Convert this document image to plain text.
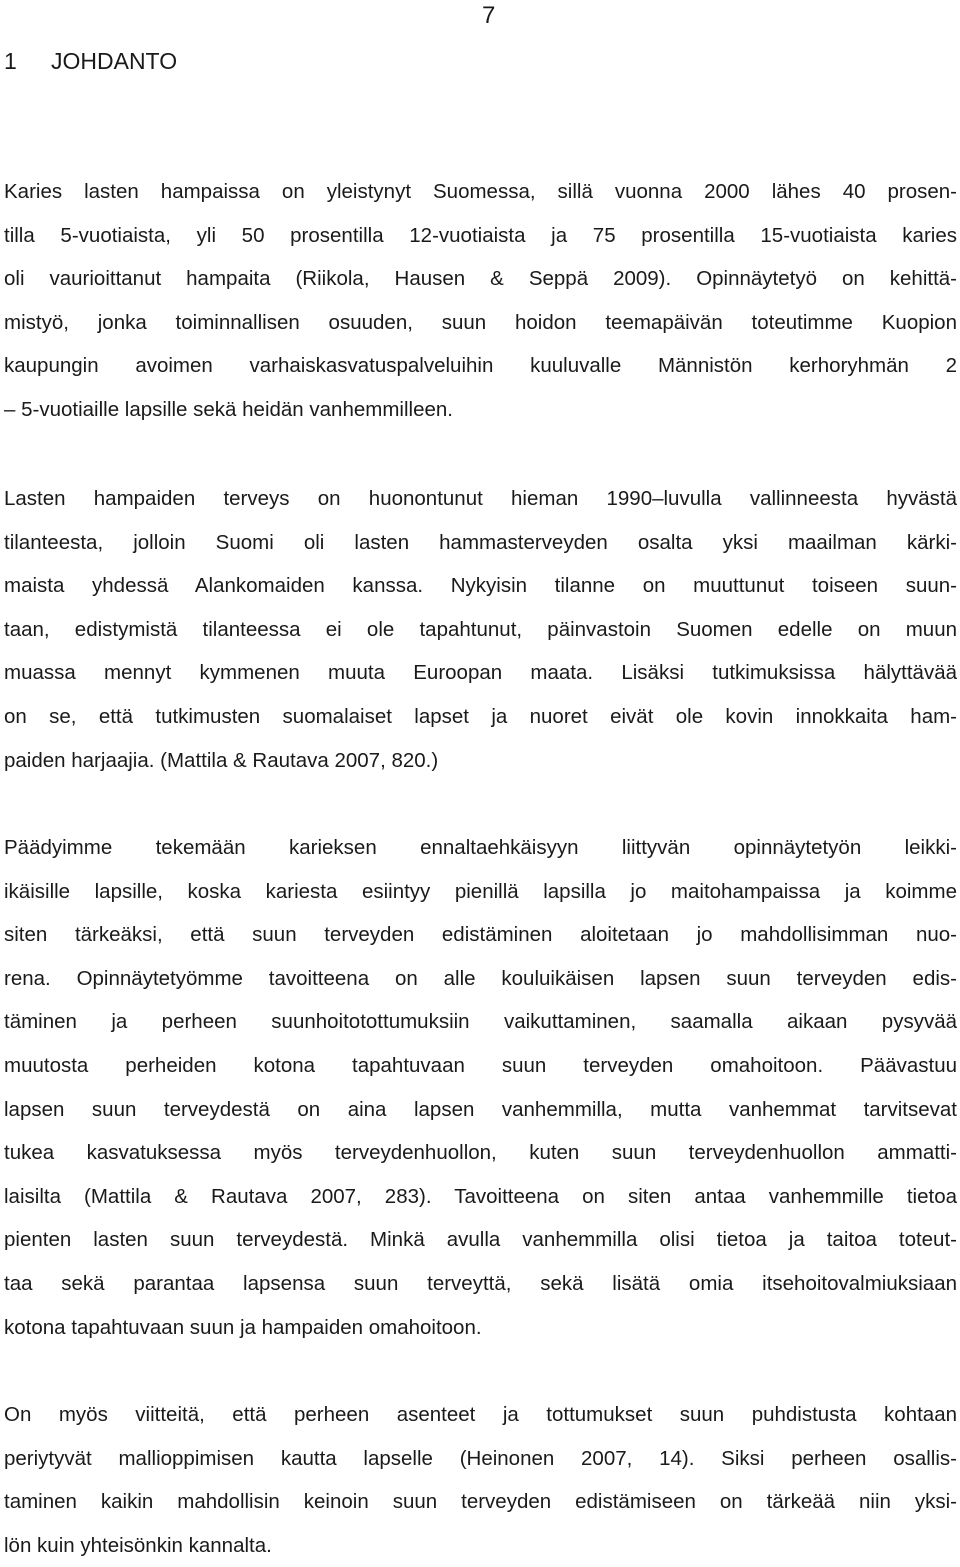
7
1 JOHDANTO
Karies lasten hampaissa on yleistynyt Suomessa, sillä vuonna 2000 lähes 40 prosen-
tilla 5-vuotiaista, yli 50 prosentilla 12-vuotiaista ja 75 prosentilla 15-vuotiaista karies
oli vaurioittanut hampaita (Riikola, Hausen & Seppä 2009). Opinnäytetyö on kehittä-
mistyö, jonka toiminnallisen osuuden, suun hoidon teemapäivän toteutimme Kuopion
kaupungin avoimen varhaiskasvatuspalveluihin kuuluvalle Männistön kerhoryhmän 2
– 5-vuotiaille lapsille sekä heidän vanhemmilleen.
Lasten hampaiden terveys on huonontunut hieman 1990–luvulla vallinneesta hyvästä
tilanteesta, jolloin Suomi oli lasten hammasterveyden osalta yksi maailman kärki-
maista yhdessä Alankomaiden kanssa. Nykyisin tilanne on muuttunut toiseen suun-
taan, edistymistä tilanteessa ei ole tapahtunut, päinvastoin Suomen edelle on muun
muassa mennyt kymmenen muuta Euroopan maata. Lisäksi tutkimuksissa hälyttävää
on se, että tutkimusten suomalaiset lapset ja nuoret eivät ole kovin innokkaita ham-
paiden harjaajia. (Mattila & Rautava 2007, 820.)
Päädyimme tekemään karieksen ennaltaehkäisyyn liittyvän opinnäytetyön leikki-
ikäisille lapsille, koska kariesta esiintyy pienillä lapsilla jo maitohampaissa ja koimme
siten tärkeäksi, että suun terveyden edistäminen aloitetaan jo mahdollisimman nuo-
rena. Opinnäytetyömme tavoitteena on alle kouluikäisen lapsen suun terveyden edis-
täminen ja perheen suunhoitotottumuksiin vaikuttaminen, saamalla aikaan pysyvää
muutosta perheiden kotona tapahtuvaan suun terveyden omahoitoon. Päävastuu
lapsen suun terveydestä on aina lapsen vanhemmilla, mutta vanhemmat tarvitsevat
tukea kasvatuksessa myös terveydenhuollon, kuten suun terveydenhuollon ammatti-
laisilta (Mattila & Rautava 2007, 283). Tavoitteena on siten antaa vanhemmille tietoa
pienten lasten suun terveydestä. Minkä avulla vanhemmilla olisi tietoa ja taitoa toteut-
taa sekä parantaa lapsensa suun terveyttä, sekä lisätä omia itsehoitovalmiuksiaan
kotona tapahtuvaan suun ja hampaiden omahoitoon.
On myös viitteitä, että perheen asenteet ja tottumukset suun puhdistusta kohtaan
periytyvät mallioppimisen kautta lapselle (Heinonen 2007, 14). Siksi perheen osallis-
taminen kaikin mahdollisin keinoin suun terveyden edistämiseen on tärkeää niin yksi-
lön kuin yhteisönkin kannalta.
